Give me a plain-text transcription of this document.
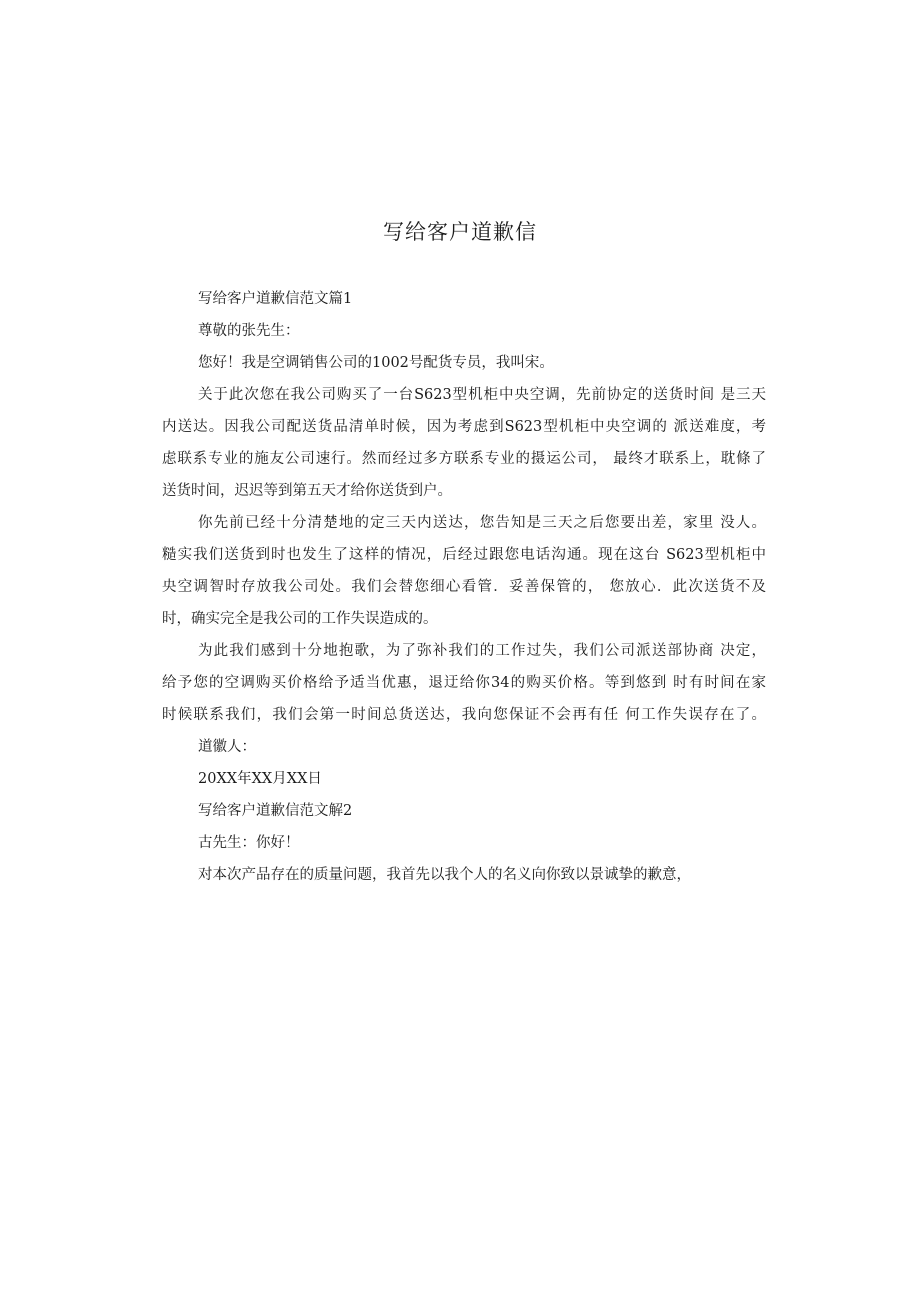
写给客户道歉信
写给客户道歉信范文篇1
尊敬的张先生：
您好！我是空调销售公司的1002号配货专员，我叫宋。
关于此次您在我公司购买了一台S623型机柜中央空调，先前协定的送货时间 是三天
内送达。因我公司配送货品清单时候，因为考虑到S623型机柜中央空调的 派送难度，考
虑联系专业的施友公司速行。然而经过多方联系专业的摄运公司， 最终才联系上，耽條了
送货时间，迟迟等到第五天才给你送货到户。
你先前已经十分清楚地的定三天内送达，您告知是三天之后您要出差，家里 没人。
糙实我们送货到时也发生了这样的情况，后经过跟您电话沟通。现在这台 S623型机柜中
央空调智时存放我公司处。我们会替您细心看管．妥善保管的， 您放心．此次送货不及
时，确实完全是我公司的工作失误造成的。
为此我们感到十分地抱歌，为了弥补我们的工作过失，我们公司派送部协商 决定，
给予您的空调购买价格给予适当优惠，退迂给你34的购买价格。等到悠到 时有时间在家
时候联系我们，我们会第一时间总货送达，我向您保证不会再有任 何工作失误存在了。
道徽人：
20XX年XX月XX日
写给客户道歉信范文解2
古先生：你好！
对本次产品存在的质量问题，我首先以我个人的名义向你致以景诚挚的歉意，
